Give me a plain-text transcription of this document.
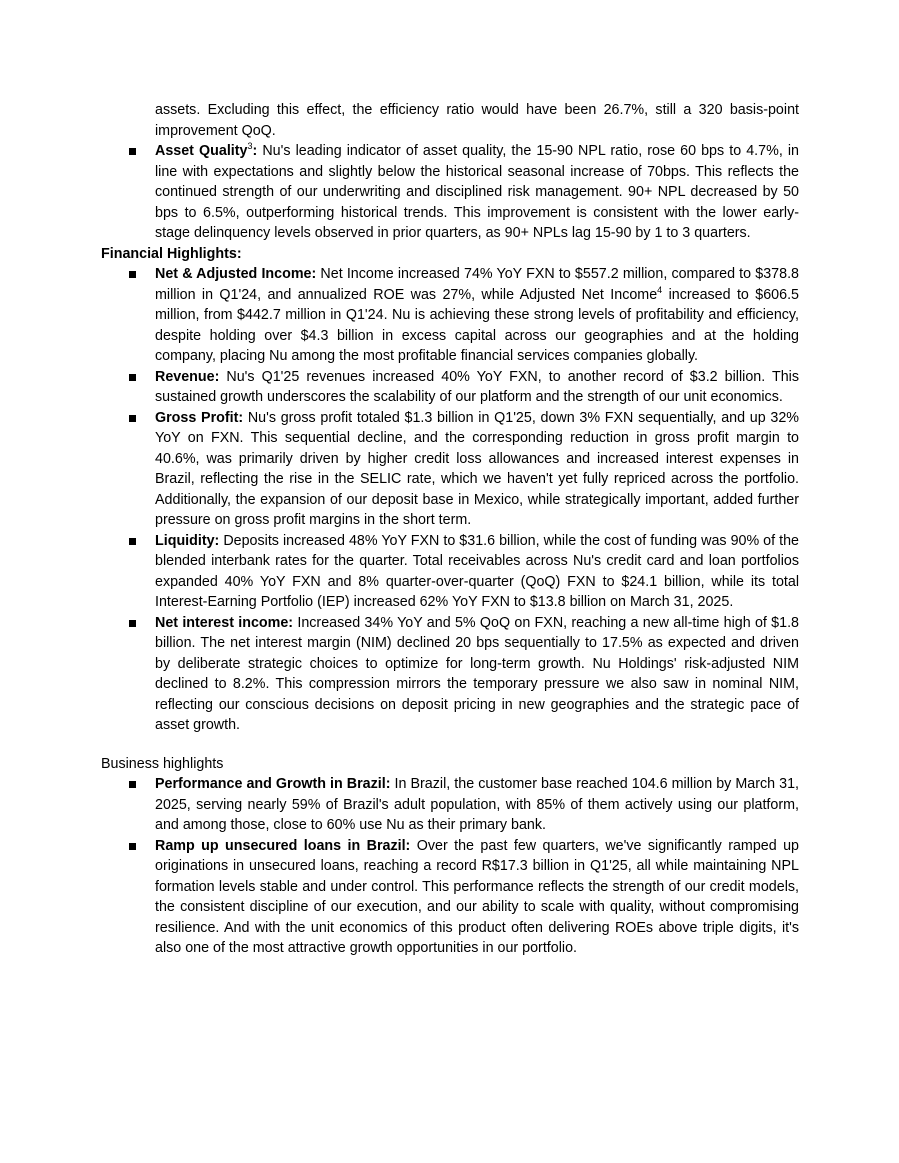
assets. Excluding this effect, the efficiency ratio would have been 26.7%, still a 320 basis-point improvement QoQ.

Asset Quality$^3$: Nu's leading indicator of asset quality, the 15-90 NPL ratio, rose 60 bps to 4.7%, in line with expectations and slightly below the historical seasonal increase of 70bps. This reflects the continued strength of our underwriting and disciplined risk management. 90+ NPL decreased by 50 bps to 6.5%, outperforming historical trends. This improvement is consistent with the lower early-stage delinquency levels observed in prior quarters, as 90+ NPLs lag 15-90 by 1 to 3 quarters.

Financial Highlights:

Net & Adjusted Income: Net Income increased 74% YoY FXN to $557.2 million, compared to $378.8 million in Q1'24, and annualized ROE was 27%, while Adjusted Net Income$^4$ increased to $606.5 million, from $442.7 million in Q1'24. Nu is achieving these strong levels of profitability and efficiency, despite holding over $4.3 billion in excess capital across our geographies and at the holding company, placing Nu among the most profitable financial services companies globally.
Revenue: Nu's Q1'25 revenues increased 40% YoY FXN, to another record of $3.2 billion. This sustained growth underscores the scalability of our platform and the strength of our unit economics.
Gross Profit: Nu's gross profit totaled $1.3 billion in Q1'25, down 3% FXN sequentially, and up 32% YoY on FXN. This sequential decline, and the corresponding reduction in gross profit margin to 40.6%, was primarily driven by higher credit loss allowances and increased interest expenses in Brazil, reflecting the rise in the SELIC rate, which we haven't yet fully repriced across the portfolio. Additionally, the expansion of our deposit base in Mexico, while strategically important, added further pressure on gross profit margins in the short term.
Liquidity: Deposits increased 48% YoY FXN to $31.6 billion, while the cost of funding was 90% of the blended interbank rates for the quarter. Total receivables across Nu's credit card and loan portfolios expanded 40% YoY FXN and 8% quarter-over-quarter (QoQ) FXN to $24.1 billion, while its total Interest-Earning Portfolio (IEP) increased 62% YoY FXN to $13.8 billion on March 31, 2025.
Net interest income: Increased 34% YoY and 5% QoQ on FXN, reaching a new all-time high of $1.8 billion. The net interest margin (NIM) declined 20 bps sequentially to 17.5% as expected and driven by deliberate strategic choices to optimize for long-term growth. Nu Holdings' risk-adjusted NIM declined to 8.2%. This compression mirrors the temporary pressure we also saw in nominal NIM, reflecting our conscious decisions on deposit pricing in new geographies and the strategic pace of asset growth.

Business highlights

Performance and Growth in Brazil: In Brazil, the customer base reached 104.6 million by March 31, 2025, serving nearly 59% of Brazil's adult population, with 85% of them actively using our platform, and among those, close to 60% use Nu as their primary bank.
Ramp up unsecured loans in Brazil: Over the past few quarters, we've significantly ramped up originations in unsecured loans, reaching a record R$17.3 billion in Q1'25, all while maintaining NPL formation levels stable and under control. This performance reflects the strength of our credit models, the consistent discipline of our execution, and our ability to scale with quality, without compromising resilience. And with the unit economics of this product often delivering ROEs above triple digits, it's also one of the most attractive growth opportunities in our portfolio.
